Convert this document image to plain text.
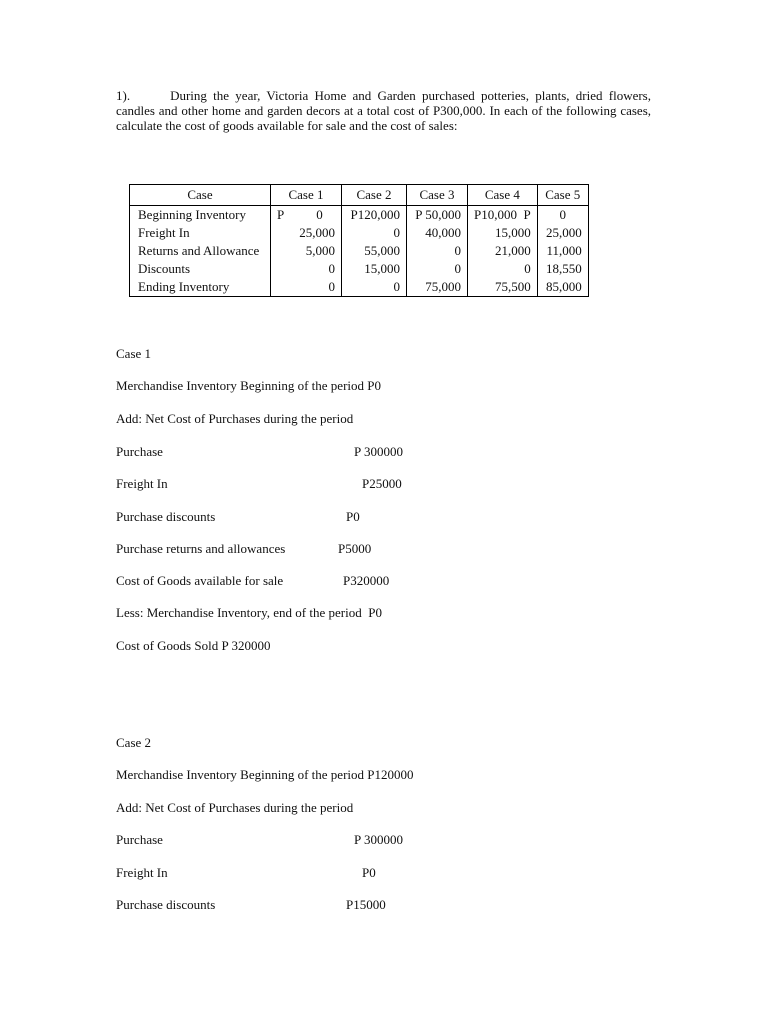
1).	During the year, Victoria Home and Garden purchased potteries, plants, dried flowers, candles and other home and garden decors at a total cost of P300,000. In each of the following cases, calculate the cost of goods available for sale and the cost of sales:

Case	Case 1	Case 2	Case 3	Case 4	Case 5
Beginning Inventory	P          0	P120,000	P 50,000	P10,000  P	0
Freight In	25,000	0	40,000	15,000	25,000
Returns and Allowance	5,000	55,000	0	21,000	11,000
Discounts	0	15,000	0	0	18,550
Ending Inventory	0	0	75,000	75,500	85,000
Case 1
Merchandise Inventory Beginning of the period P0
Add: Net Cost of Purchases during the period
Purchase	P 300000
Freight In	P25000
Purchase discounts	P0
Purchase returns and allowances	P5000
Cost of Goods available for sale	P320000
Less: Merchandise Inventory, end of the period  P0
Cost of Goods Sold P 320000
Case 2
Merchandise Inventory Beginning of the period P120000
Add: Net Cost of Purchases during the period
Purchase	P 300000
Freight In	P0
Purchase discounts	P15000
